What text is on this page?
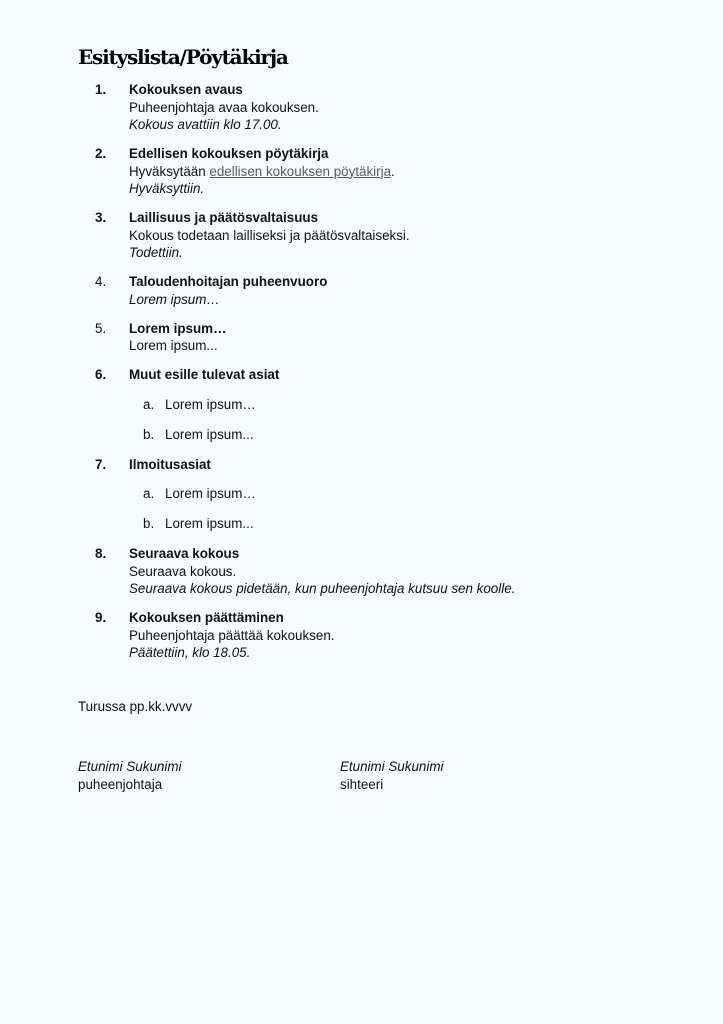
Esityslista/Pöytäkirja
1. Kokouksen avaus
Puheenjohtaja avaa kokouksen.
Kokous avattiin klo 17.00.
2. Edellisen kokouksen pöytäkirja
Hyväksytään edellisen kokouksen pöytäkirja.
Hyväksyttiin.
3. Laillisuus ja päätösvaltaisuus
Kokous todetaan lailliseksi ja päätösvaltaiseksi.
Todettiin.
4. Taloudenhoitajan puheenvuoro
Lorem ipsum…
5. Lorem ipsum…
Lorem ipsum...
6. Muut esille tulevat asiat
a. Lorem ipsum…
b. Lorem ipsum...
7. Ilmoitusasiat
a. Lorem ipsum…
b. Lorem ipsum...
8. Seuraava kokous
Seuraava kokous.
Seuraava kokous pidetään, kun puheenjohtaja kutsuu sen koolle.
9. Kokouksen päättäminen
Puheenjohtaja päättää kokouksen.
Päätettiin, klo 18.05.
Turussa pp.kk.vvvv
Etunimi Sukunimi
puheenjohtaja
Etunimi Sukunimi
sihteeri
